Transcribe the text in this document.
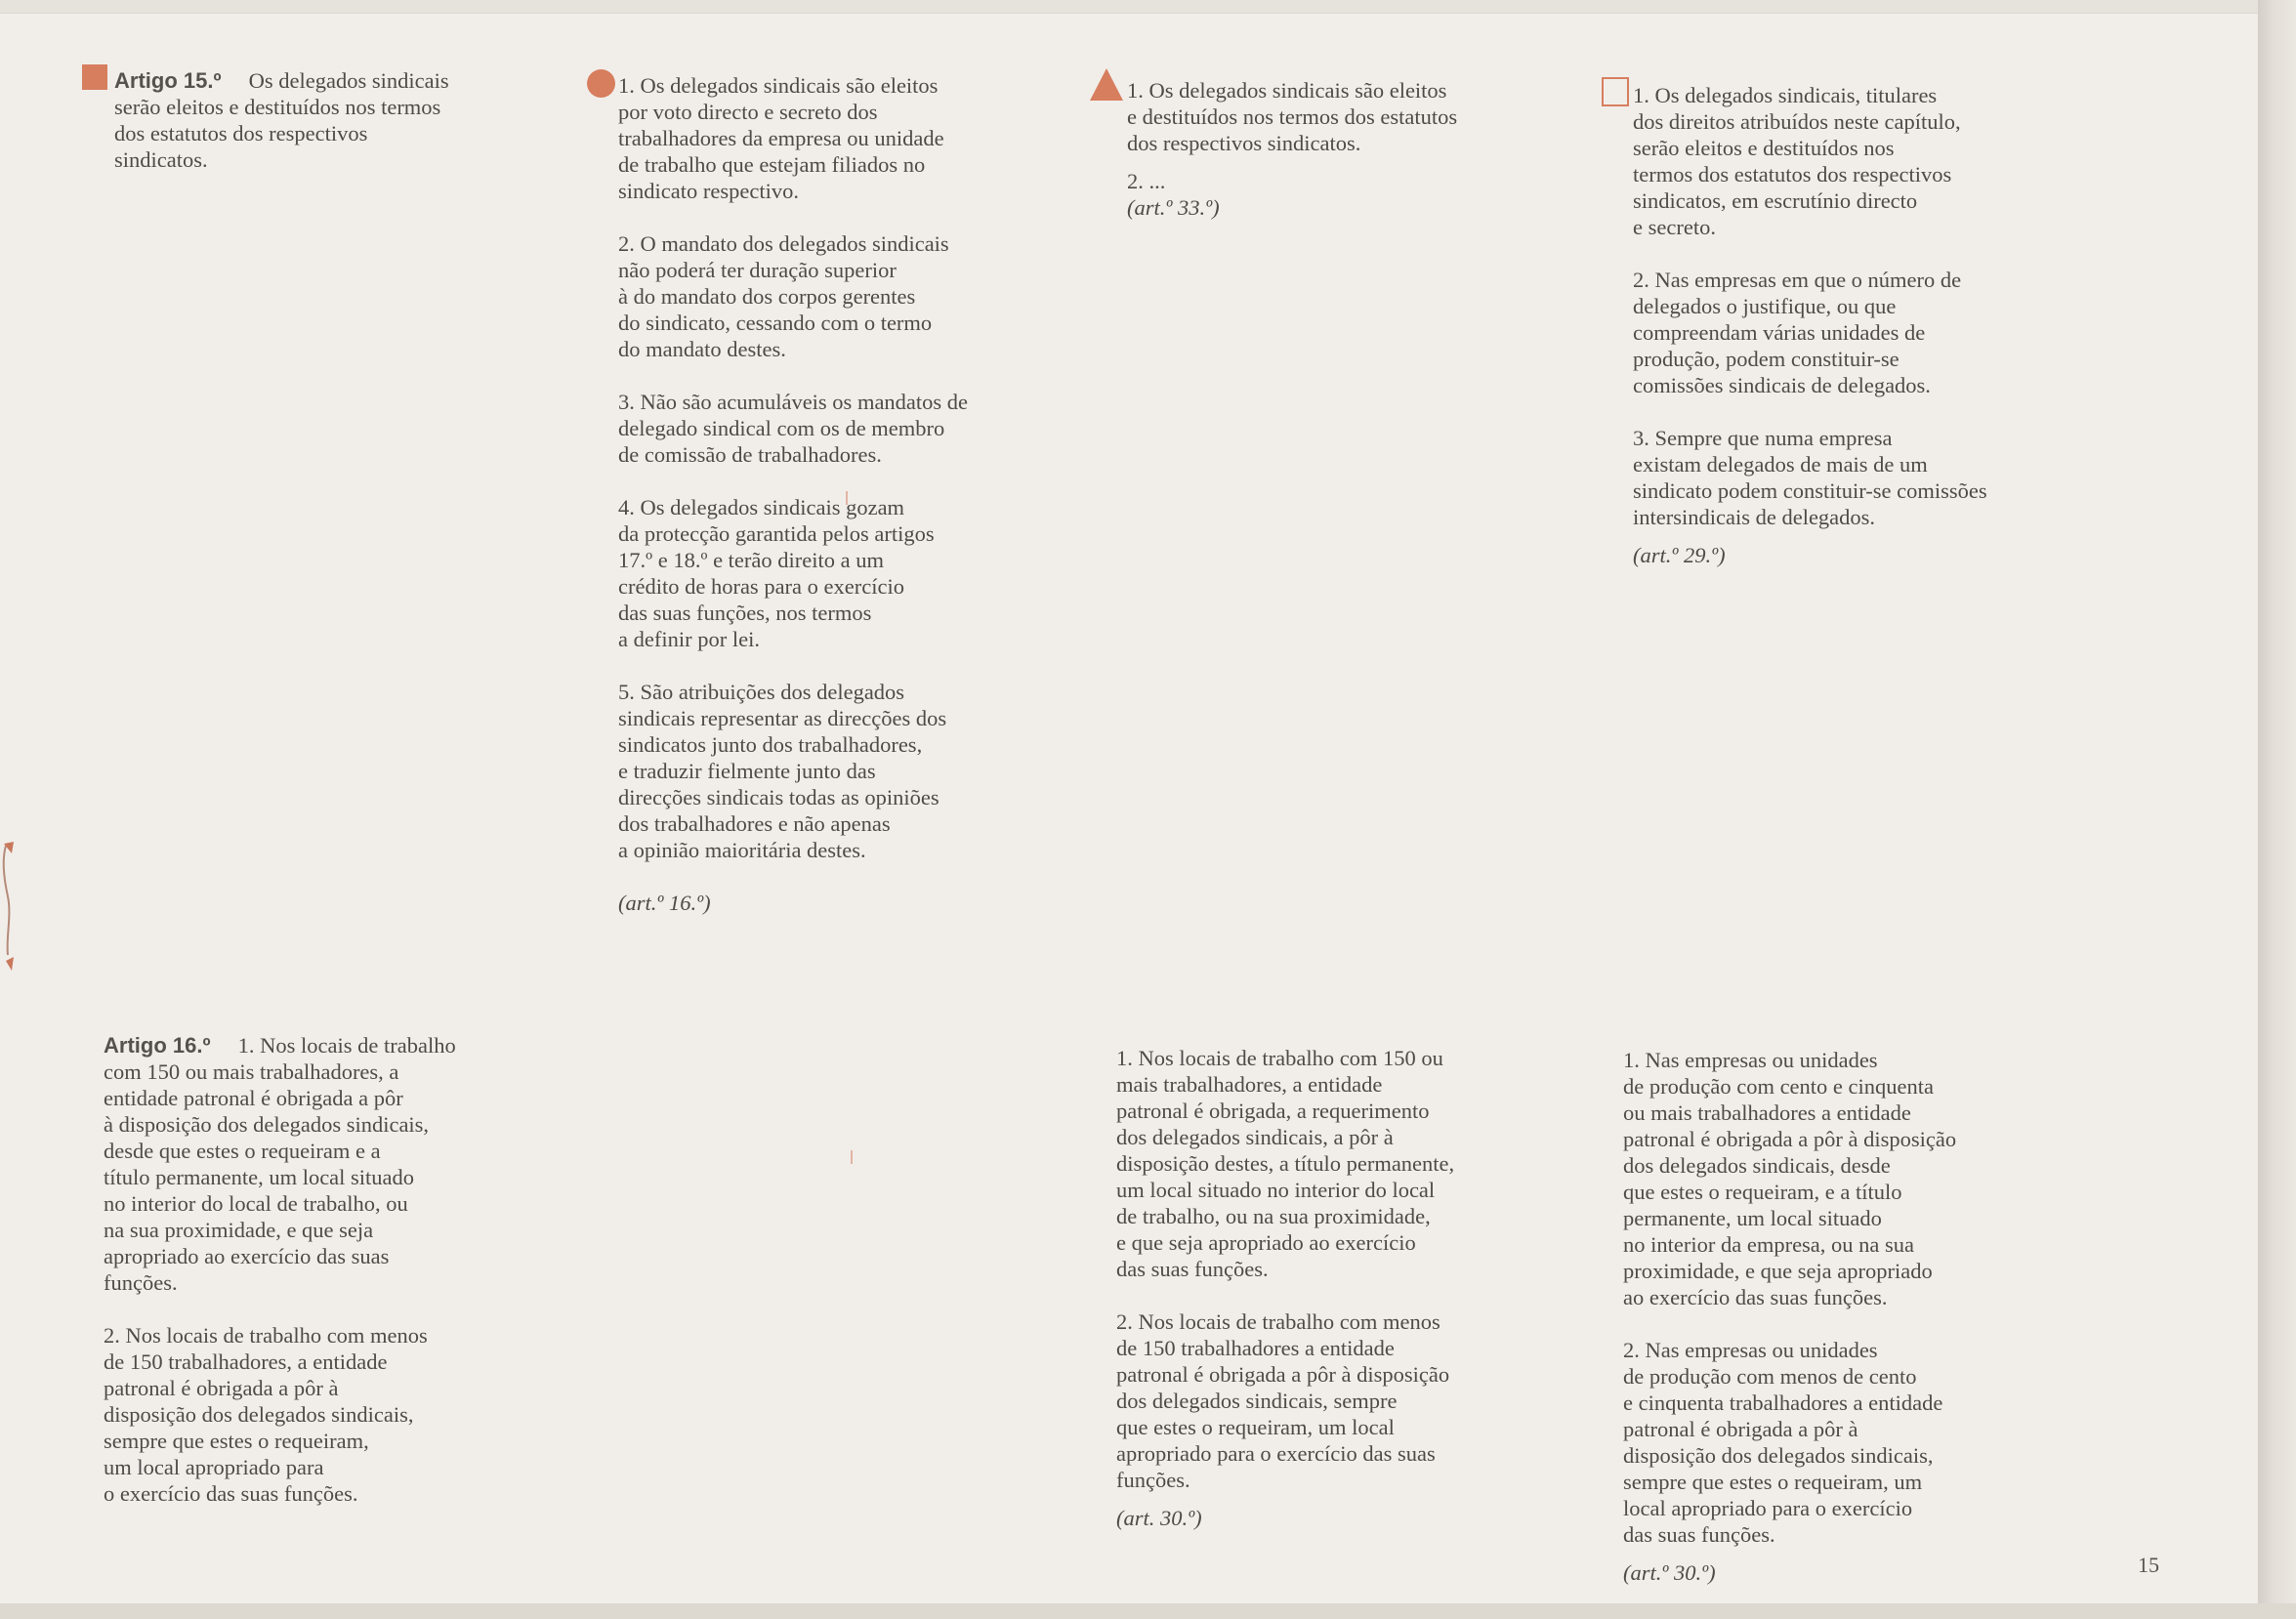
Artigo 15.º Os delegados sindicais
serão eleitos e destituídos nos termos
dos estatutos dos respectivos
sindicatos.

1. Os delegados sindicais são eleitos
por voto directo e secreto dos
trabalhadores da empresa ou unidade
de trabalho que estejam filiados no
sindicato respectivo.

2. O mandato dos delegados sindicais
não poderá ter duração superior
à do mandato dos corpos gerentes
do sindicato, cessando com o termo
do mandato destes.

3. Não são acumuláveis os mandatos de
delegado sindical com os de membro
de comissão de trabalhadores.

4. Os delegados sindicais gozam
da protecção garantida pelos artigos
17.º e 18.º e terão direito a um
crédito de horas para o exercício
das suas funções, nos termos
a definir por lei.

5. São atribuições dos delegados
sindicais representar as direcções dos
sindicatos junto dos trabalhadores,
e traduzir fielmente junto das
direcções sindicais todas as opiniões
dos trabalhadores e não apenas
a opinião maioritária destes.

(art.º 16.º)

1. Os delegados sindicais são eleitos
e destituídos nos termos dos estatutos
dos respectivos sindicatos.

2. ...

(art.º 33.º)

1. Os delegados sindicais, titulares
dos direitos atribuídos neste capítulo,
serão eleitos e destituídos nos
termos dos estatutos dos respectivos
sindicatos, em escrutínio directo
e secreto.

2. Nas empresas em que o número de
delegados o justifique, ou que
compreendam várias unidades de
produção, podem constituir-se
comissões sindicais de delegados.

3. Sempre que numa empresa
existam delegados de mais de um
sindicato podem constituir-se comissões
intersindicais de delegados.

(art.º 29.º)

Artigo 16.º 1. Nos locais de trabalho
com 150 ou mais trabalhadores, a
entidade patronal é obrigada a pôr
à disposição dos delegados sindicais,
desde que estes o requeiram e a
título permanente, um local situado
no interior do local de trabalho, ou
na sua proximidade, e que seja
apropriado ao exercício das suas
funções.

2. Nos locais de trabalho com menos
de 150 trabalhadores, a entidade
patronal é obrigada a pôr à
disposição dos delegados sindicais,
sempre que estes o requeiram,
um local apropriado para
o exercício das suas funções.

1. Nos locais de trabalho com 150 ou
mais trabalhadores, a entidade
patronal é obrigada, a requerimento
dos delegados sindicais, a pôr à
disposição destes, a título permanente,
um local situado no interior do local
de trabalho, ou na sua proximidade,
e que seja apropriado ao exercício
das suas funções.

2. Nos locais de trabalho com menos
de 150 trabalhadores a entidade
patronal é obrigada a pôr à disposição
dos delegados sindicais, sempre
que estes o requeiram, um local
apropriado para o exercício das suas
funções.

(art. 30.º)

1. Nas empresas ou unidades
de produção com cento e cinquenta
ou mais trabalhadores a entidade
patronal é obrigada a pôr à disposição
dos delegados sindicais, desde
que estes o requeiram, e a título
permanente, um local situado
no interior da empresa, ou na sua
proximidade, e que seja apropriado
ao exercício das suas funções.

2. Nas empresas ou unidades
de produção com menos de cento
e cinquenta trabalhadores a entidade
patronal é obrigada a pôr à
disposição dos delegados sindicais,
sempre que estes o requeiram, um
local apropriado para o exercício
das suas funções.

(art.º 30.º)	15
